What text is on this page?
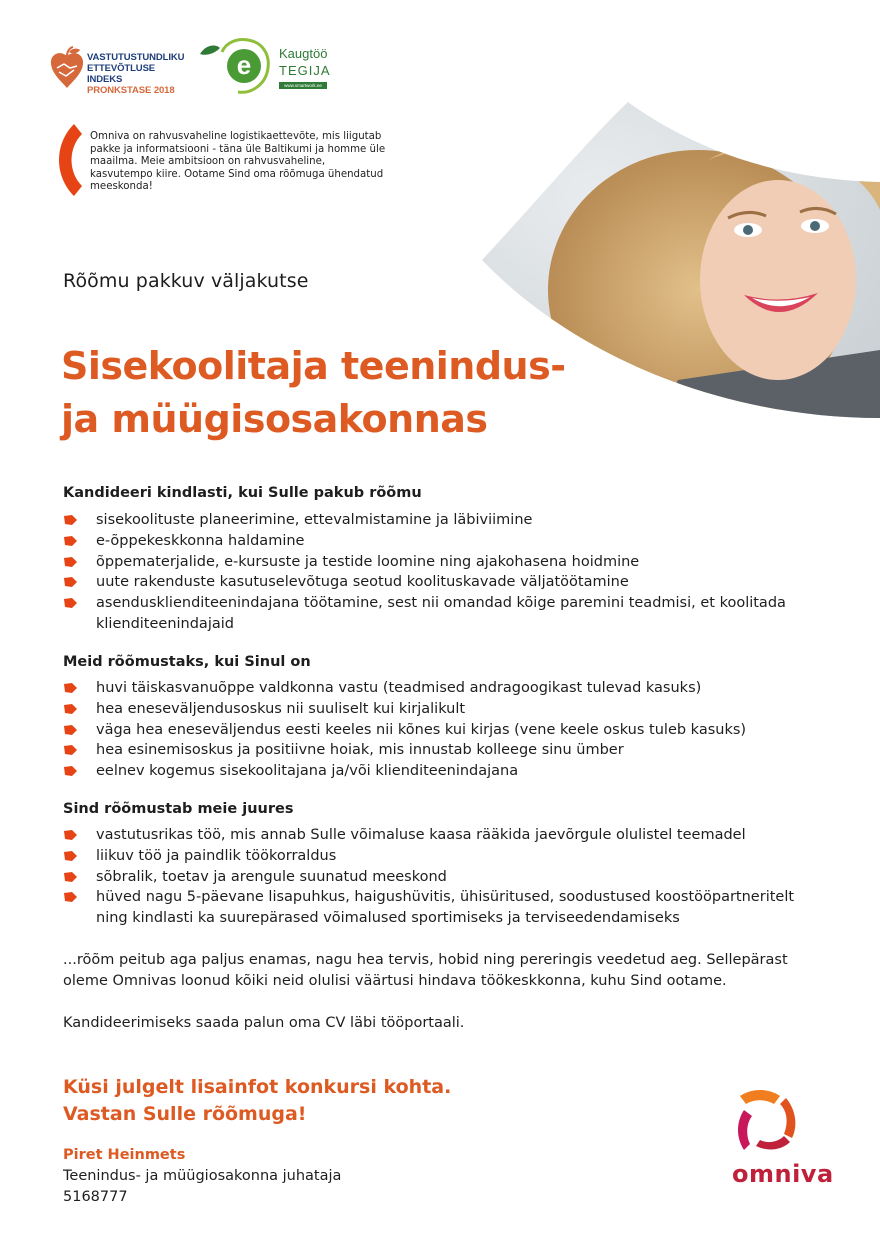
VASTUTUSTUNDLIKU
ETTEVÕTLUSE INDEKS
PRONKSTASE 2018
e Kaugtöö
TEGIJA
www.smartwork.ee
Omniva on rahvusvaheline logistikaettevõte, mis liigutab pakke ja informatsiooni - täna üle Baltikumi ja homme üle maailma. Meie ambitsioon on rahvusvaheline, kasvutempo kiire. Ootame Sind oma rõõmuga ühendatud meeskonda!
Rõõmu pakkuv väljakutse
Sisekoolitaja teenindus-
ja müügisosakonnas
Kandideeri kindlasti, kui Sulle pakub rõõmu
sisekoolituste planeerimine, ettevalmistamine ja läbiviimine
e-õppekeskkonna haldamine
õppematerjalide, e-kursuste ja testide loomine ning ajakohasena hoidmine
uute rakenduste kasutuselevõtuga seotud koolituskavade väljatöötamine
asendusklienditeenindajana töötamine, sest nii omandad kõige paremini teadmisi, et koolitada klienditeenindajaid
Meid rõõmustaks, kui Sinul on
huvi täiskasvanuõppe valdkonna vastu (teadmised andragoogikast tulevad kasuks)
hea eneseväljendusoskus nii suuliselt kui kirjalikult
väga hea eneseväljendus eesti keeles nii kõnes kui kirjas (vene keele oskus tuleb kasuks)
hea esinemisoskus ja positiivne hoiak, mis innustab kolleege sinu ümber
eelnev kogemus sisekoolitajana ja/või klienditeenindajana
Sind rõõmustab meie juures
vastutusrikas töö, mis annab Sulle võimaluse kaasa rääkida jaevõrgule olulistel teemadel
liikuv töö ja paindlik töökorraldus
sõbralik, toetav ja arengule suunatud meeskond
hüved nagu 5-päevane lisapuhkus, haigushüvitis, ühisüritused, soodustused koostööpartneritelt ning kindlasti ka suurepärased võimalused sportimiseks ja terviseedendamiseks
...rõõm peitub aga paljus enamas, nagu hea tervis, hobid ning pereringis veedetud aeg. Sellepärast oleme Omnivas loonud kõiki neid olulisi väärtusi hindava töökeskkonna, kuhu Sind ootame.
Kandideerimiseks saada palun oma CV läbi tööportaali.
Küsi julgelt lisainfot konkursi kohta.
Vastan Sulle rõõmuga!
Piret Heinmets
Teenindus- ja müügiosakonna juhataja
5168777
omniva
